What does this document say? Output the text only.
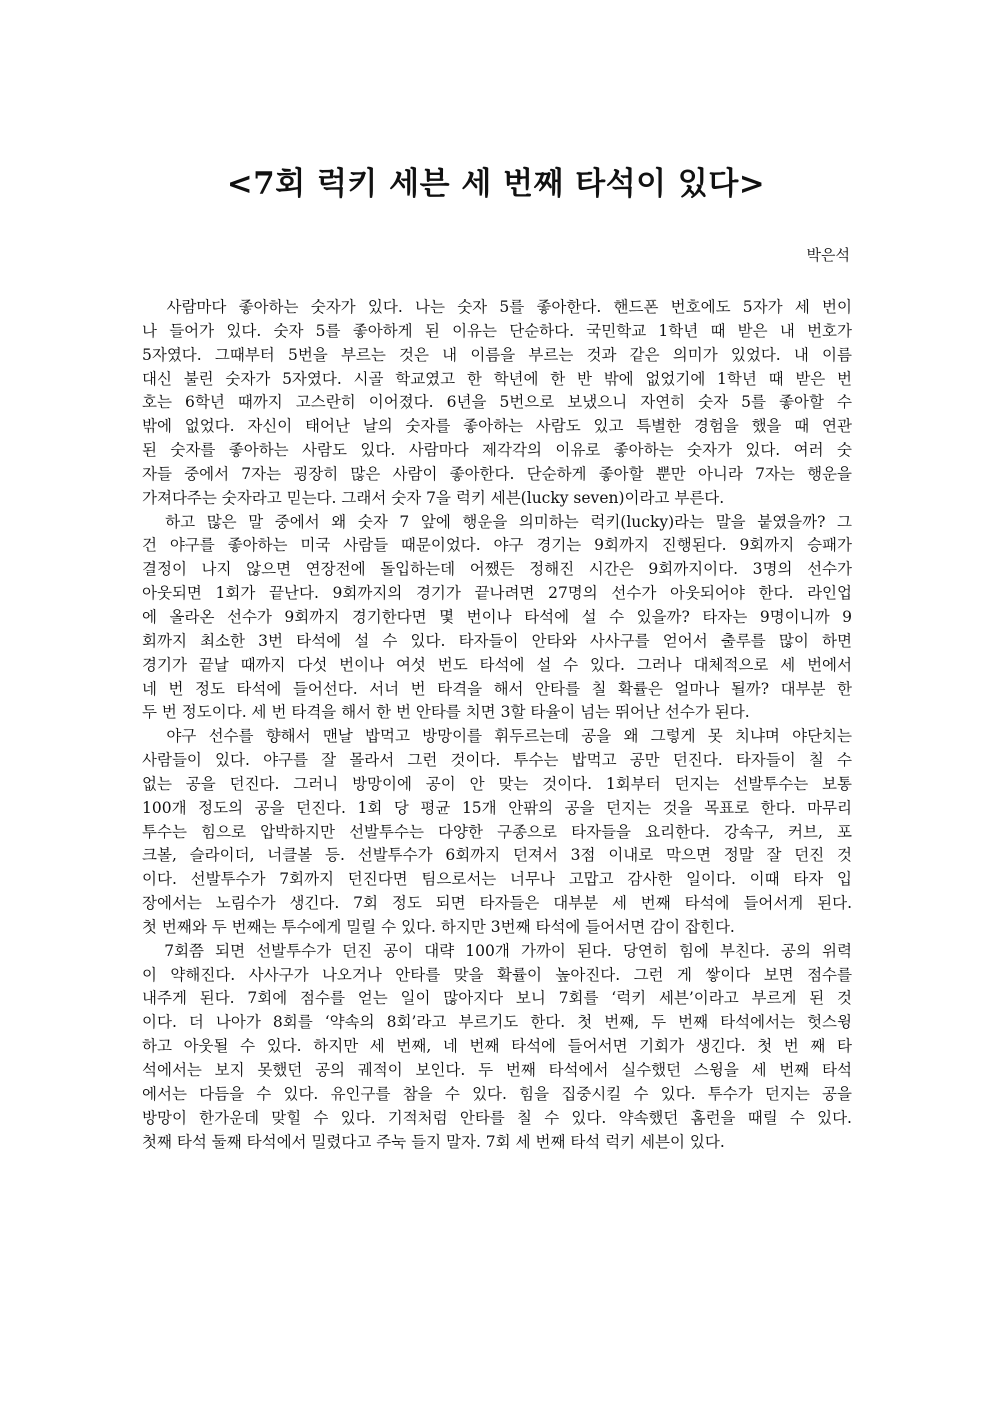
<7회 럭키 세븐 세 번째 타석이 있다>
박은석
사람마다 좋아하는 숫자가 있다. 나는 숫자 5를 좋아한다. 핸드폰 번호에도 5자가 세 번이
나 들어가 있다. 숫자 5를 좋아하게 된 이유는 단순하다. 국민학교 1학년 때 받은 내 번호가
5자였다. 그때부터 5번을 부르는 것은 내 이름을 부르는 것과 같은 의미가 있었다. 내 이름
대신 불린 숫자가 5자였다. 시골 학교였고 한 학년에 한 반 밖에 없었기에 1학년 때 받은 번
호는 6학년 때까지 고스란히 이어졌다. 6년을 5번으로 보냈으니 자연히 숫자 5를 좋아할 수
밖에 없었다. 자신이 태어난 날의 숫자를 좋아하는 사람도 있고 특별한 경험을 했을 때 연관
된 숫자를 좋아하는 사람도 있다. 사람마다 제각각의 이유로 좋아하는 숫자가 있다. 여러 숫
자들 중에서 7자는 굉장히 많은 사람이 좋아한다. 단순하게 좋아할 뿐만 아니라 7자는 행운을
가져다주는 숫자라고 믿는다. 그래서 숫자 7을 럭키 세븐(lucky seven)이라고 부른다.
하고 많은 말 중에서 왜 숫자 7 앞에 행운을 의미하는 럭키(lucky)라는 말을 붙였을까? 그
건 야구를 좋아하는 미국 사람들 때문이었다. 야구 경기는 9회까지 진행된다. 9회까지 승패가
결정이 나지 않으면 연장전에 돌입하는데 어쨌든 정해진 시간은 9회까지이다. 3명의 선수가
아웃되면 1회가 끝난다. 9회까지의 경기가 끝나려면 27명의 선수가 아웃되어야 한다. 라인업
에 올라온 선수가 9회까지 경기한다면 몇 번이나 타석에 설 수 있을까? 타자는 9명이니까 9
회까지 최소한 3번 타석에 설 수 있다. 타자들이 안타와 사사구를 얻어서 출루를 많이 하면
경기가 끝날 때까지 다섯 번이나 여섯 번도 타석에 설 수 있다. 그러나 대체적으로 세 번에서
네 번 정도 타석에 들어선다. 서너 번 타격을 해서 안타를 칠 확률은 얼마나 될까? 대부분 한
두 번 정도이다. 세 번 타격을 해서 한 번 안타를 치면 3할 타율이 넘는 뛰어난 선수가 된다.
야구 선수를 향해서 맨날 밥먹고 방망이를 휘두르는데 공을 왜 그렇게 못 치냐며 야단치는
사람들이 있다. 야구를 잘 몰라서 그런 것이다. 투수는 밥먹고 공만 던진다. 타자들이 칠 수
없는 공을 던진다. 그러니 방망이에 공이 안 맞는 것이다. 1회부터 던지는 선발투수는 보통
100개 정도의 공을 던진다. 1회 당 평균 15개 안팎의 공을 던지는 것을 목표로 한다. 마무리
투수는 힘으로 압박하지만 선발투수는 다양한 구종으로 타자들을 요리한다. 강속구, 커브, 포
크볼, 슬라이더, 너클볼 등. 선발투수가 6회까지 던져서 3점 이내로 막으면 정말 잘 던진 것
이다. 선발투수가 7회까지 던진다면 팀으로서는 너무나 고맙고 감사한 일이다. 이때 타자 입
장에서는 노림수가 생긴다. 7회 정도 되면 타자들은 대부분 세 번째 타석에 들어서게 된다.
첫 번째와 두 번째는 투수에게 밀릴 수 있다. 하지만 3번째 타석에 들어서면 감이 잡힌다.
7회쯤 되면 선발투수가 던진 공이 대략 100개 가까이 된다. 당연히 힘에 부친다. 공의 위력
이 약해진다. 사사구가 나오거나 안타를 맞을 확률이 높아진다. 그런 게 쌓이다 보면 점수를
내주게 된다. 7회에 점수를 얻는 일이 많아지다 보니 7회를 ‘럭키 세븐’이라고 부르게 된 것
이다. 더 나아가 8회를 ‘약속의 8회’라고 부르기도 한다. 첫 번째, 두 번째 타석에서는 헛스윙
하고 아웃될 수 있다. 하지만 세 번째, 네 번째 타석에 들어서면 기회가 생긴다. 첫 번 째 타
석에서는 보지 못했던 공의 궤적이 보인다. 두 번째 타석에서 실수했던 스윙을 세 번째 타석
에서는 다듬을 수 있다. 유인구를 참을 수 있다. 힘을 집중시킬 수 있다. 투수가 던지는 공을
방망이 한가운데 맞힐 수 있다. 기적처럼 안타를 칠 수 있다. 약속했던 홈런을 때릴 수 있다.
첫째 타석 둘째 타석에서 밀렸다고 주눅 들지 말자. 7회 세 번째 타석 럭키 세븐이 있다.
